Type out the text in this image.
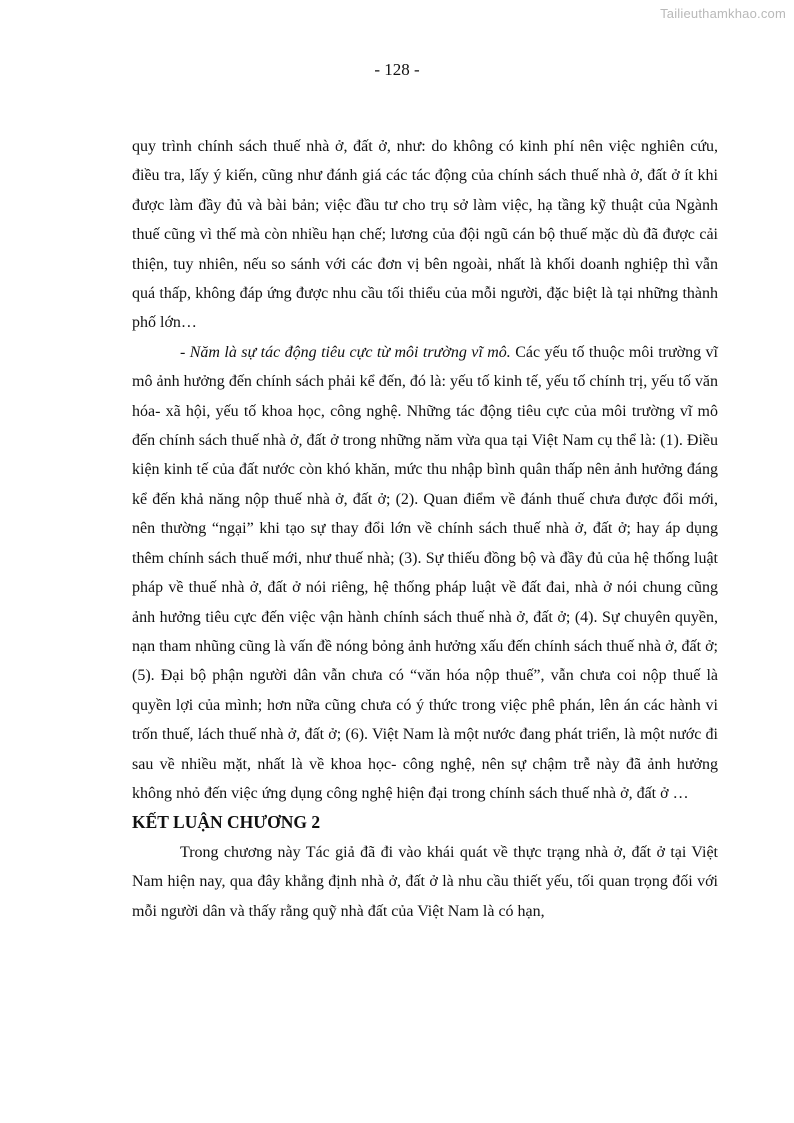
Tailieuthamkhao.com
- 128 -

quy trình chính sách thuế nhà ở, đất ở, như: do không có kinh phí nên việc nghiên cứu, điều tra, lấy ý kiến, cũng như đánh giá các tác động của chính sách thuế nhà ở, đất ở ít khi được làm đầy đủ và bài bản; việc đầu tư cho trụ sở làm việc, hạ tầng kỹ thuật của Ngành thuế cũng vì thế mà còn nhiều hạn chế; lương của đội ngũ cán bộ thuế mặc dù đã được cải thiện, tuy nhiên, nếu so sánh với các đơn vị bên ngoài, nhất là khối doanh nghiệp thì vẫn quá thấp, không đáp ứng được nhu cầu tối thiểu của mỗi người, đặc biệt là tại những thành phố lớn…

- Năm là sự tác động tiêu cực từ môi trường vĩ mô. Các yếu tố thuộc môi trường vĩ mô ảnh hưởng đến chính sách phải kể đến, đó là: yếu tố kinh tế, yếu tố chính trị, yếu tố văn hóa- xã hội, yếu tố khoa học, công nghệ. Những tác động tiêu cực của môi trường vĩ mô đến chính sách thuế nhà ở, đất ở trong những năm vừa qua tại Việt Nam cụ thể là: (1). Điều kiện kinh tế của đất nước còn khó khăn, mức thu nhập bình quân thấp nên ảnh hưởng đáng kể đến khả năng nộp thuế nhà ở, đất ở; (2). Quan điểm về đánh thuế chưa được đổi mới, nên thường “ngại” khi tạo sự thay đổi lớn về chính sách thuế nhà ở, đất ở; hay áp dụng thêm chính sách thuế mới, như thuế nhà; (3). Sự thiếu đồng bộ và đầy đủ của hệ thống luật pháp về thuế nhà ở, đất ở nói riêng, hệ thống pháp luật về đất đai, nhà ở nói chung cũng ảnh hưởng tiêu cực đến việc vận hành chính sách thuế nhà ở, đất ở; (4). Sự chuyên quyền, nạn tham nhũng cũng là vấn đề nóng bỏng ảnh hưởng xấu đến chính sách thuế nhà ở, đất ở; (5). Đại bộ phận người dân vẫn chưa có “văn hóa nộp thuế”, vẫn chưa coi nộp thuế là quyền lợi của mình; hơn nữa cũng chưa có ý thức trong việc phê phán, lên án các hành vi trốn thuế, lách thuế nhà ở, đất ở; (6). Việt Nam là một nước đang phát triển, là một nước đi sau về nhiều mặt, nhất là về khoa học- công nghệ, nên sự chậm trễ này đã ảnh hưởng không nhỏ đến việc ứng dụng công nghệ hiện đại trong chính sách thuế nhà ở, đất ở …

KẾT LUẬN CHƯƠNG 2

Trong chương này Tác giả đã đi vào khái quát về thực trạng nhà ở, đất ở tại Việt Nam hiện nay, qua đây khẳng định nhà ở, đất ở là nhu cầu thiết yếu, tối quan trọng đối với mỗi người dân và thấy rằng quỹ nhà đất của Việt Nam là có hạn,
